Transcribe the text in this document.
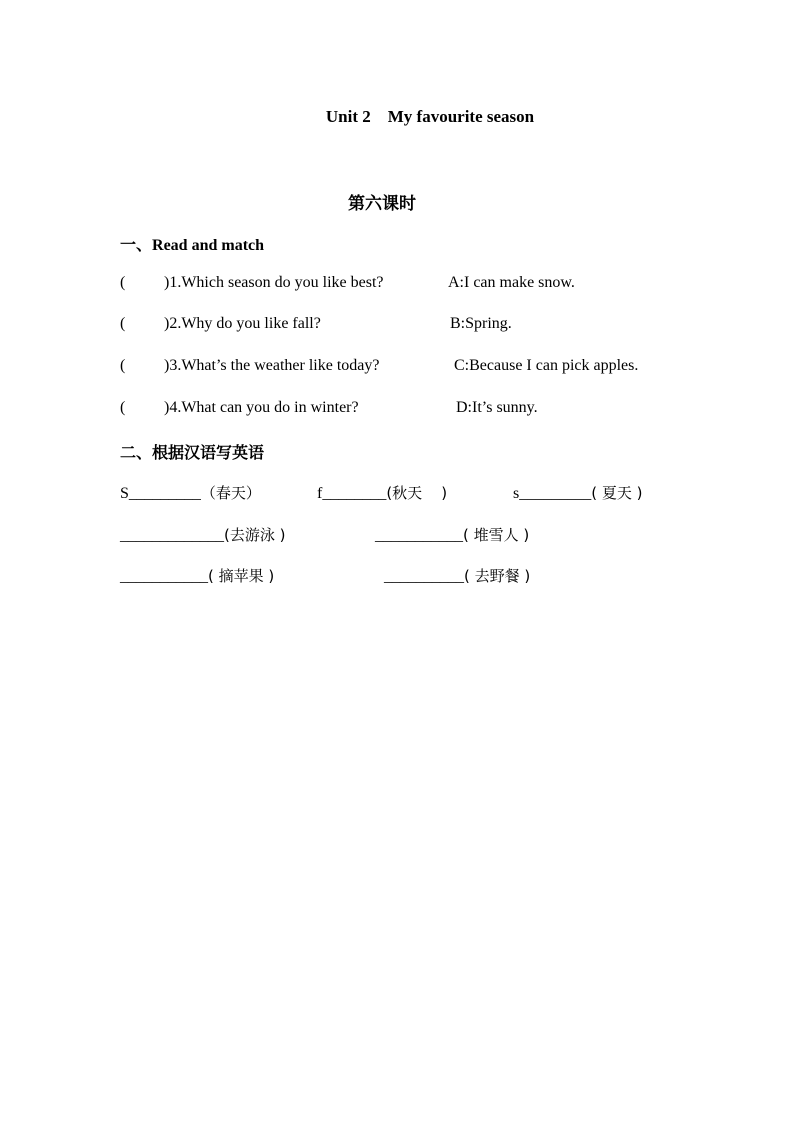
Unit 2    My favourite season
第六课时
一、Read and match
( )1.Which season do you like best?	A:I can make snow.
( )2.Why do you like fall?	B:Spring.
( )3.What’s the weather like today?	C:Because I can pick apples.
( )4.What can you do in winter?	D:It’s sunny.
二、根据汉语写英语
S_________（春天）	f________(秋天    )	s_________( 夏天 )
_____________(去游泳 )	___________( 堆雪人 )
___________( 摘苹果 )	__________( 去野餐 )
